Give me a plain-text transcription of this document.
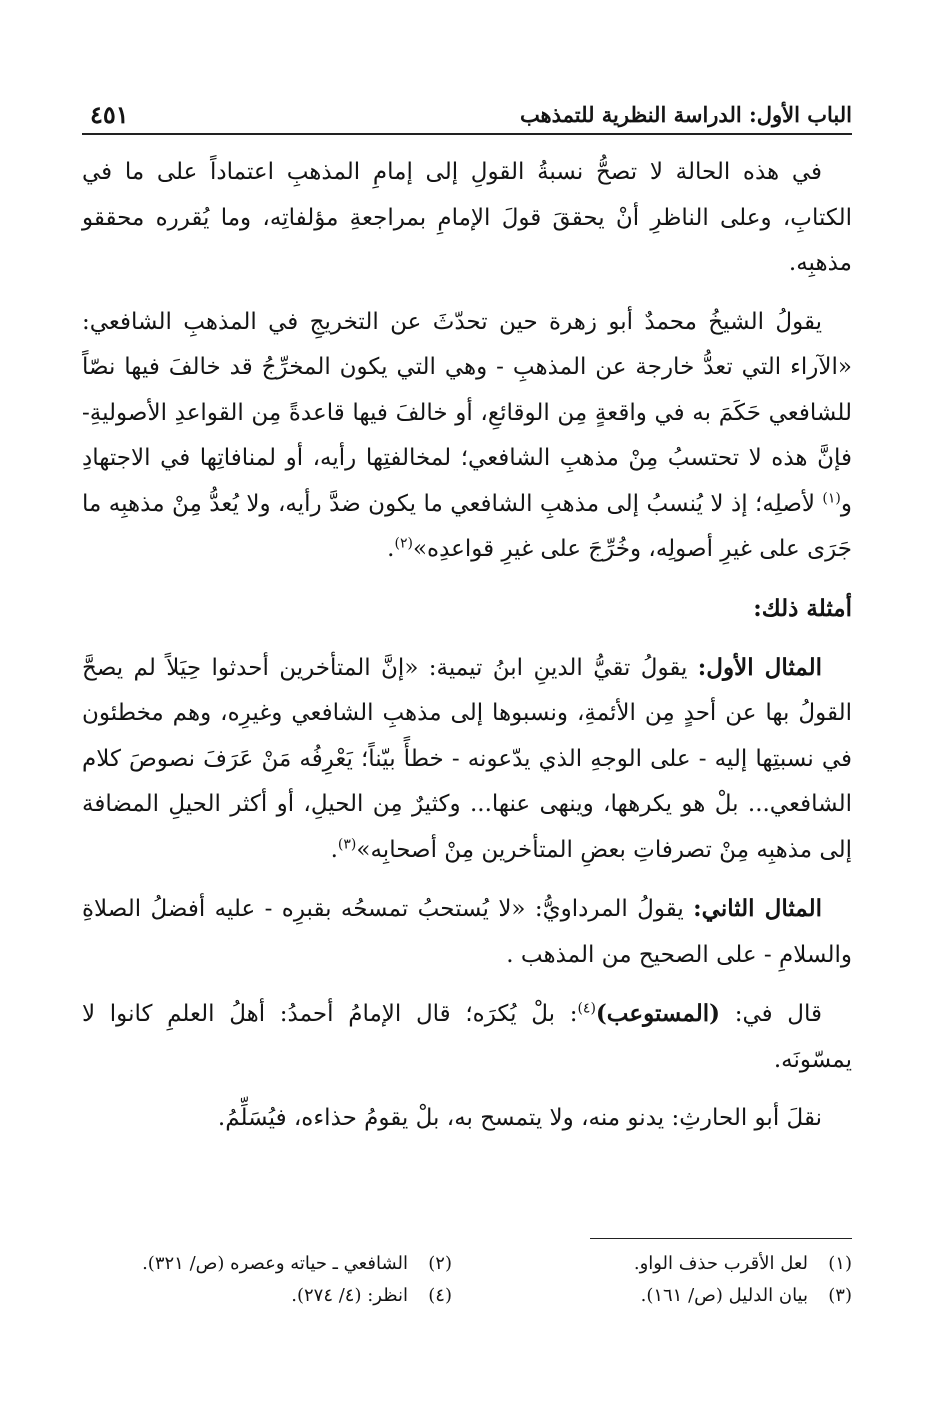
الباب الأول: الدراسة النظرية للتمذهب
٤٥١

في هذه الحالة لا تصحُّ نسبةُ القولِ إلى إمامِ المذهبِ اعتماداً على ما في الكتابِ، وعلى الناظرِ أنْ يحققَ قولَ الإمامِ بمراجعةِ مؤلفاتِه، وما يُقرره محققو مذهبِه.

يقولُ الشيخُ محمدٌ أبو زهرة حين تحدّثَ عن التخريجِ في المذهبِ الشافعي: «الآراء التي تعدُّ خارجة عن المذهبِ - وهي التي يكون المخرِّجُ قد خالفَ فيها نصّاً للشافعي حَكَمَ به في واقعةٍ مِن الوقائعِ، أو خالفَ فيها قاعدةً مِن القواعدِ الأصوليةِ- فإنَّ هذه لا تحتسبُ مِنْ مذهبِ الشافعي؛ لمخالفتِها رأيه، أو لمنافاتِها في الاجتهادِ و$^{(١)}$ لأصلِه؛ إذ لا يُنسبُ إلى مذهبِ الشافعي ما يكون ضدَّ رأيه، ولا يُعدُّ مِنْ مذهبِه ما جَرَى على غيرِ أصولِه، وخُرِّجَ على غيرِ قواعدِه»$^{(٢)}$.

أمثلة ذلك:

المثال الأول: يقولُ تقيُّ الدينِ ابنُ تيمية: «إنَّ المتأخرين أحدثوا حِيَلاً لم يصحَّ القولُ بها عن أحدٍ مِن الأئمةِ، ونسبوها إلى مذهبِ الشافعي وغيرِه، وهم مخطئون في نسبتِها إليه - على الوجهِ الذي يدّعونه - خطأً بيّناً؛ يَعْرِفُه مَنْ عَرَفَ نصوصَ كلام الشافعي... بلْ هو يكرهها، وينهى عنها... وكثيرٌ مِن الحيلِ، أو أكثر الحيلِ المضافة إلى مذهبِه مِنْ تصرفاتِ بعضِ المتأخرين مِنْ أصحابِه»$^{(٣)}$.

المثال الثاني: يقولُ المرداويُّ: «لا يُستحبُ تمسحُه بقبرِه - عليه أفضلُ الصلاةِ والسلامِ - على الصحيح من المذهب .

قال في: (المستوعب)$^{(٤)}$: بلْ يُكرَه؛ قال الإمامُ أحمدُ: أهلُ العلمِ كانوا لا يمسّونَه.

نقلَ أبو الحارثِ: يدنو منه، ولا يتمسح به، بلْ يقومُ حذاءه، فيُسَلِّمُ.

(١)لعل الأقرب حذف الواو.
(٢)الشافعي ـ حياته وعصره (ص/ ٣٢١).
(٣)بيان الدليل (ص/ ١٦١).
(٤)انظر: (٤/ ٢٧٤).
